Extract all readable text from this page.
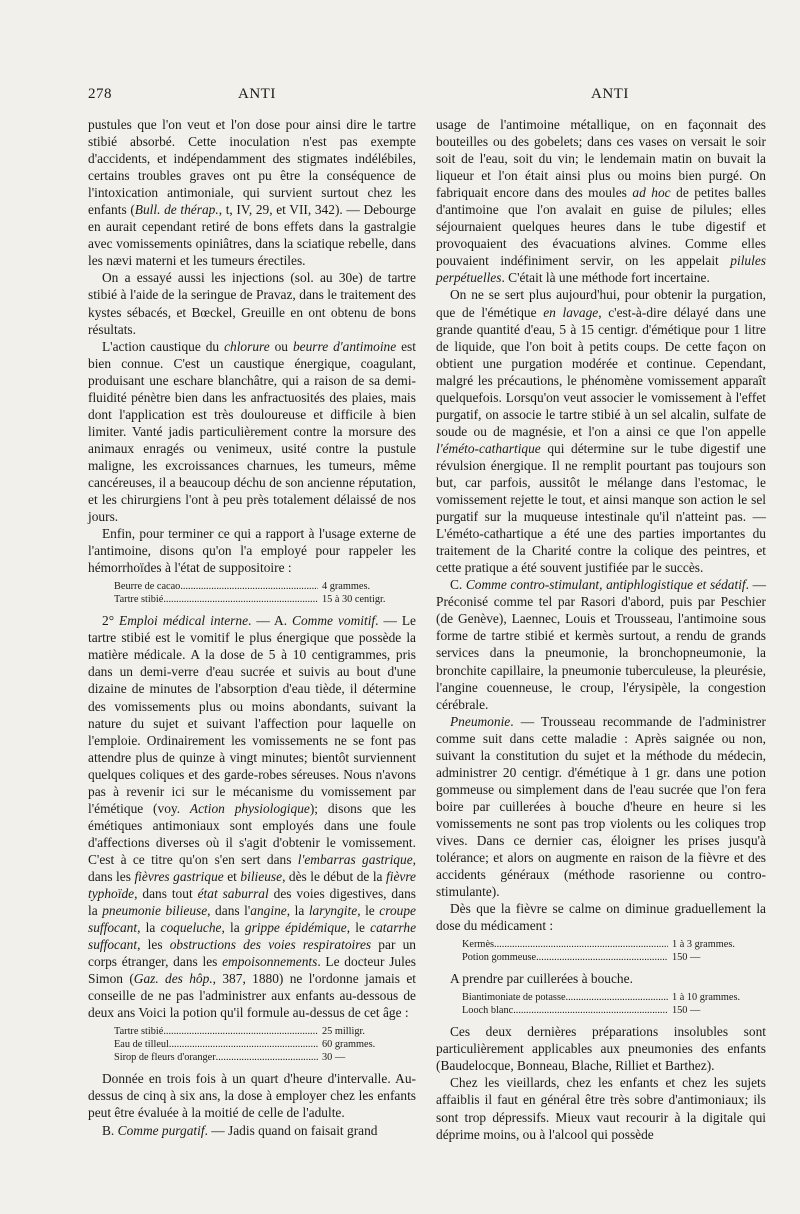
278	ANTI	ANTI

pustules que l'on veut et l'on dose pour ainsi dire le tartre stibié absorbé. Cette inoculation n'est pas exempte d'accidents, et indépendamment des stigmates indélébiles, certains troubles graves ont pu être la conséquence de l'intoxication antimoniale, qui survient surtout chez les enfants (Bull. de thérap., t, IV, 29, et VII, 342). — Debourge en aurait cependant retiré de bons effets dans la gastralgie avec vomissements opiniâtres, dans la sciatique rebelle, dans les nævi materni et les tumeurs érectiles.

On a essayé aussi les injections (sol. au 30e) de tartre stibié à l'aide de la seringue de Pravaz, dans le traitement des kystes sébacés, et Bœckel, Greuille en ont obtenu de bons résultats.

L'action caustique du chlorure ou beurre d'antimoine est bien connue. C'est un caustique énergique, coagulant, produisant une eschare blanchâtre, qui a raison de sa demi-fluidité pénètre bien dans les anfractuosités des plaies, mais dont l'application est très douloureuse et difficile à bien limiter. Vanté jadis particulièrement contre la morsure des animaux enragés ou venimeux, usité contre la pustule maligne, les excroissances charnues, les tumeurs, même cancéreuses, il a beaucoup déchu de son ancienne réputation, et les chirurgiens l'ont à peu près totalement délaissé de nos jours.

Enfin, pour terminer ce qui a rapport à l'usage externe de l'antimoine, disons qu'on l'a employé pour rappeler les hémorrhoïdes à l'état de suppositoire :

Beurre de cacao .....	4 grammes.
Tartre stibié .....	15 à 30 centigr.

2° Emploi médical interne. — A. Comme vomitif. — Le tartre stibié est le vomitif le plus énergique que possède la matière médicale. A la dose de 5 à 10 centigrammes, pris dans un demi-verre d'eau sucrée et suivis au bout d'une dizaine de minutes de l'absorption d'eau tiède, il détermine des vomissements plus ou moins abondants, suivant la nature du sujet et suivant l'affection pour laquelle on l'emploie. Ordinairement les vomissements ne se font pas attendre plus de quinze à vingt minutes; bientôt surviennent quelques coliques et des garde-robes séreuses. Nous n'avons pas à revenir ici sur le mécanisme du vomissement par l'émétique (voy. Action physiologique); disons que les émétiques antimoniaux sont employés dans une foule d'affections diverses où il s'agit d'obtenir le vomissement. C'est à ce titre qu'on s'en sert dans l'embarras gastrique, dans les fièvres gastrique et bilieuse, dès le début de la fièvre typhoïde, dans tout état saburral des voies digestives, dans la pneumonie bilieuse, dans l'angine, la laryngite, le croupe suffocant, la coqueluche, la grippe épidémique, le catarrhe suffocant, les obstructions des voies respiratoires par un corps étranger, dans les empoisonnements. Le docteur Jules Simon (Gaz. des hôp., 387, 1880) ne l'ordonne jamais et conseille de ne pas l'administrer aux enfants au-dessous de deux ans Voici la potion qu'il formule au-dessus de cet âge :

Tartre stibié .....	25 milligr.
Eau de tilleul .....	60 grammes.
Sirop de fleurs d'oranger .....	30 —

Donnée en trois fois à un quart d'heure d'intervalle. Au-dessus de cinq à six ans, la dose à employer chez les enfants peut être évaluée à la moitié de celle de l'adulte.

B. Comme purgatif. — Jadis quand on faisait grand

usage de l'antimoine métallique, on en façonnait des bouteilles ou des gobelets; dans ces vases on versait le soir soit de l'eau, soit du vin; le lendemain matin on buvait la liqueur et l'on était ainsi plus ou moins bien purgé. On fabriquait encore dans des moules ad hoc de petites balles d'antimoine que l'on avalait en guise de pilules; elles séjournaient quelques heures dans le tube digestif et provoquaient des évacuations alvines. Comme elles pouvaient indéfiniment servir, on les appelait pilules perpétuelles. C'était là une méthode fort incertaine.

On ne se sert plus aujourd'hui, pour obtenir la purgation, que de l'émétique en lavage, c'est-à-dire délayé dans une grande quantité d'eau, 5 à 15 centigr. d'émétique pour 1 litre de liquide, que l'on boit à petits coups. De cette façon on obtient une purgation modérée et continue. Cependant, malgré les précautions, le phénomène vomissement apparaît quelquefois. Lorsqu'on veut associer le vomissement à l'effet purgatif, on associe le tartre stibié à un sel alcalin, sulfate de soude ou de magnésie, et l'on a ainsi ce que l'on appelle l'éméto-cathartique qui détermine sur le tube digestif une révulsion énergique. Il ne remplit pourtant pas toujours son but, car parfois, aussitôt le mélange dans l'estomac, le vomissement rejette le tout, et ainsi manque son action le sel purgatif sur la muqueuse intestinale qu'il n'atteint pas. — L'éméto-cathartique a été une des parties importantes du traitement de la Charité contre la colique des peintres, et cette pratique a été souvent justifiée par le succès.

C. Comme contro-stimulant, antiphlogistique et sédatif. — Préconisé comme tel par Rasori d'abord, puis par Peschier (de Genève), Laennec, Louis et Trousseau, l'antimoine sous forme de tartre stibié et kermès surtout, a rendu de grands services dans la pneumonie, la bronchopneumonie, la bronchite capillaire, la pneumonie tuberculeuse, la pleurésie, l'angine couenneuse, le croup, l'érysipèle, la congestion cérébrale.

Pneumonie. — Trousseau recommande de l'administrer comme suit dans cette maladie : Après saignée ou non, suivant la constitution du sujet et la méthode du médecin, administrer 20 centigr. d'émétique à 1 gr. dans une potion gommeuse ou simplement dans de l'eau sucrée que l'on fera boire par cuillerées à bouche d'heure en heure si les vomissements ne sont pas trop violents ou les coliques trop vives. Dans ce dernier cas, éloigner les prises jusqu'à tolérance; et alors on augmente en raison de la fièvre et des accidents généraux (méthode rasorienne ou contro-stimulante).

Dès que la fièvre se calme on diminue graduellement la dose du médicament :

Kermès .....	1 à 3 grammes.
Potion gommeuse .....	150 —

A prendre par cuillerées à bouche.

Biantimoniate de potasse .....	1 à 10 grammes.
Looch blanc .....	150 —

Ces deux dernières préparations insolubles sont particulièrement applicables aux pneumonies des enfants (Baudelocque, Bonneau, Blache, Rilliet et Barthez).

Chez les vieillards, chez les enfants et chez les sujets affaiblis il faut en général être très sobre d'antimoniaux; ils sont trop dépressifs. Mieux vaut recourir à la digitale qui déprime moins, ou à l'alcool qui possède
